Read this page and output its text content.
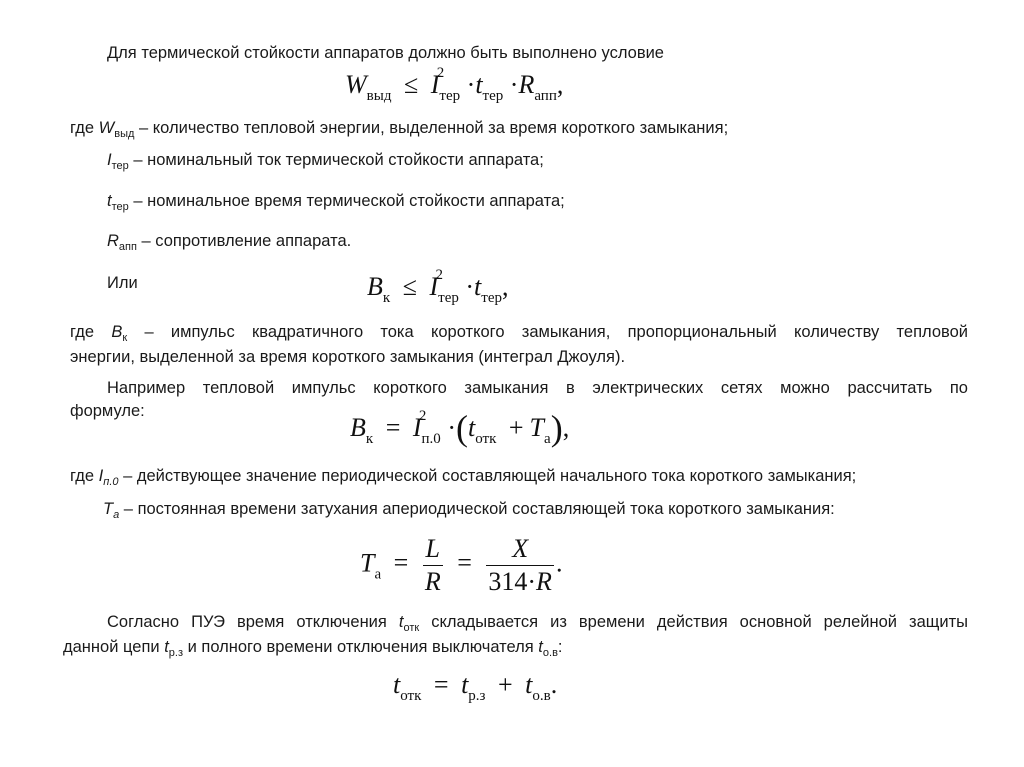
Для термической стойкости аппаратов должно быть выполнено условие
$W_{выд} \le I$
2
$_{тер} \cdot t_{тер} \cdot R_{апп}$,
где $W_{выд}$ – количество тепловой энергии, выделенной за время короткого замыкания;
$I_{тер}$ – номинальный ток термической стойкости аппарата;
$t_{тер}$ – номинальное время термической стойкости аппарата;
$R_{апп}$ – сопротивление аппарата.
Или	$B_к \le I$
2
$_{тер} \cdot t_{тер}$,
где $B_к$ – импульс квадратичного тока короткого замыкания, пропорциональный количеству тепловой
энергии, выделенной за время короткого замыкания (интеграл Джоуля).
Например тепловой импульс короткого замыкания в электрических сетях можно рассчитать по
формуле:
$B_к = I$
2
$_{п.0} \cdot(t_{отк} + T_а)$,
где $I_{п.0}$ – действующее значение периодической составляющей начального тока короткого замыкания;
$T_а$ – постоянная времени затухания апериодической составляющей тока короткого замыкания:
$T_а = \frac{L}{R} = \frac{X}{314\cdot R}$ .
Согласно ПУЭ время отключения $t_{отк}$ складывается из времени действия основной релейной защиты
данной цепи $t_{р.з}$ и полного времени отключения выключателя $t_{о.в}$:
$t_{отк} = t_{р.з} + t_{о.в}$.
